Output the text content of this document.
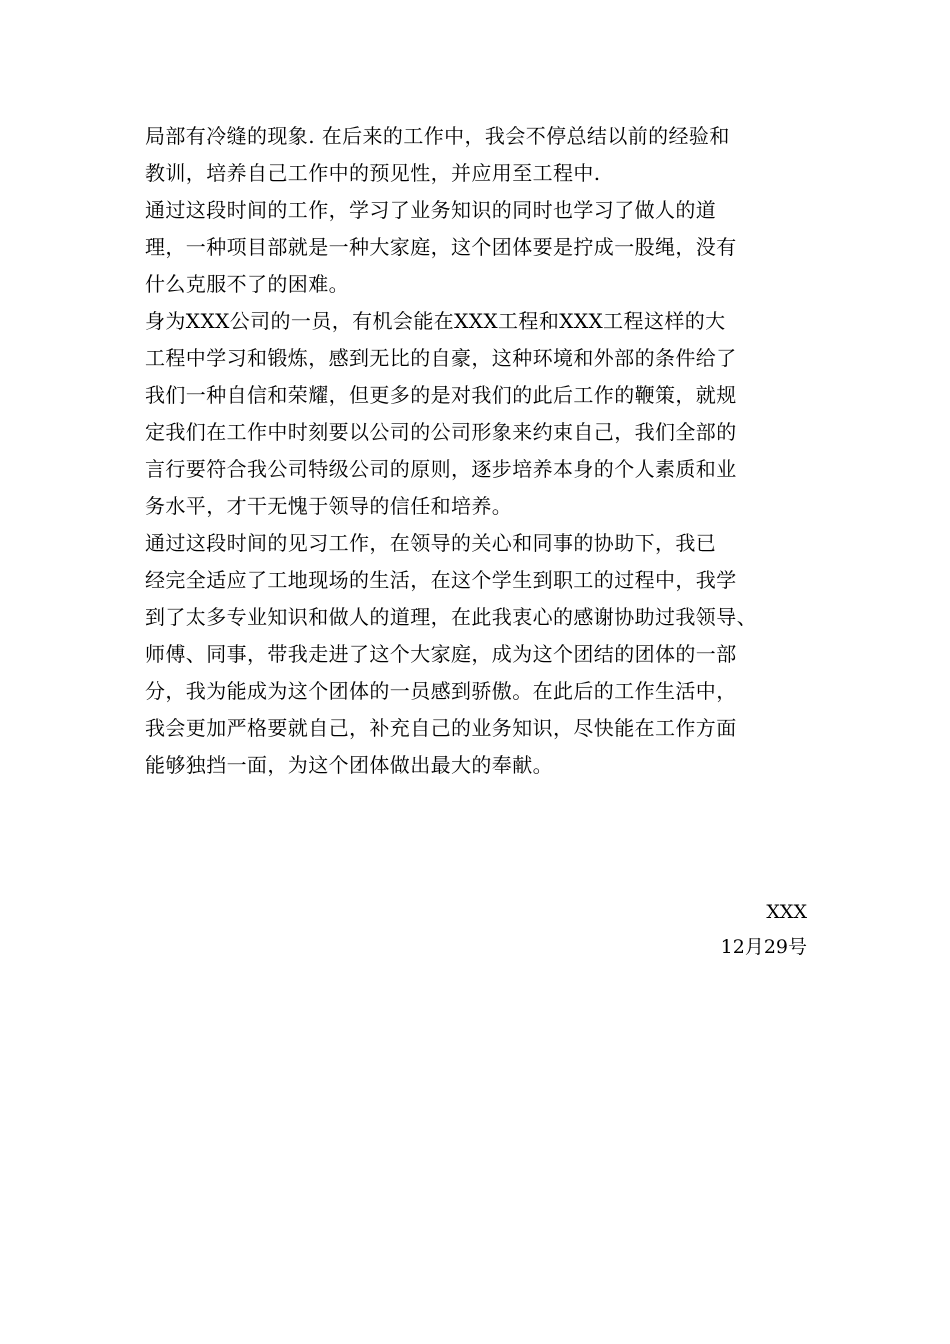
局部有冷缝的现象. 在后来的工作中，我会不停总结以前的经验和
教训，培养自己工作中的预见性，并应用至工程中.
通过这段时间的工作，学习了业务知识的同时也学习了做人的道
理，一种项目部就是一种大家庭，这个团体要是拧成一股绳，没有
什么克服不了的困难。
身为XXX公司的一员，有机会能在XXX工程和XXX工程这样的大
工程中学习和锻炼，感到无比的自豪，这种环境和外部的条件给了
我们一种自信和荣耀，但更多的是对我们的此后工作的鞭策，就规
定我们在工作中时刻要以公司的公司形象来约束自己，我们全部的
言行要符合我公司特级公司的原则，逐步培养本身的个人素质和业
务水平，才干无愧于领导的信任和培养。
通过这段时间的见习工作，在领导的关心和同事的协助下，我已
经完全适应了工地现场的生活，在这个学生到职工的过程中，我学
到了太多专业知识和做人的道理，在此我衷心的感谢协助过我领导、
师傅、同事，带我走进了这个大家庭，成为这个团结的团体的一部
分，我为能成为这个团体的一员感到骄傲。在此后的工作生活中，
我会更加严格要就自己，补充自己的业务知识，尽快能在工作方面
能够独挡一面，为这个团体做出最大的奉献。
XXX
12月29号
